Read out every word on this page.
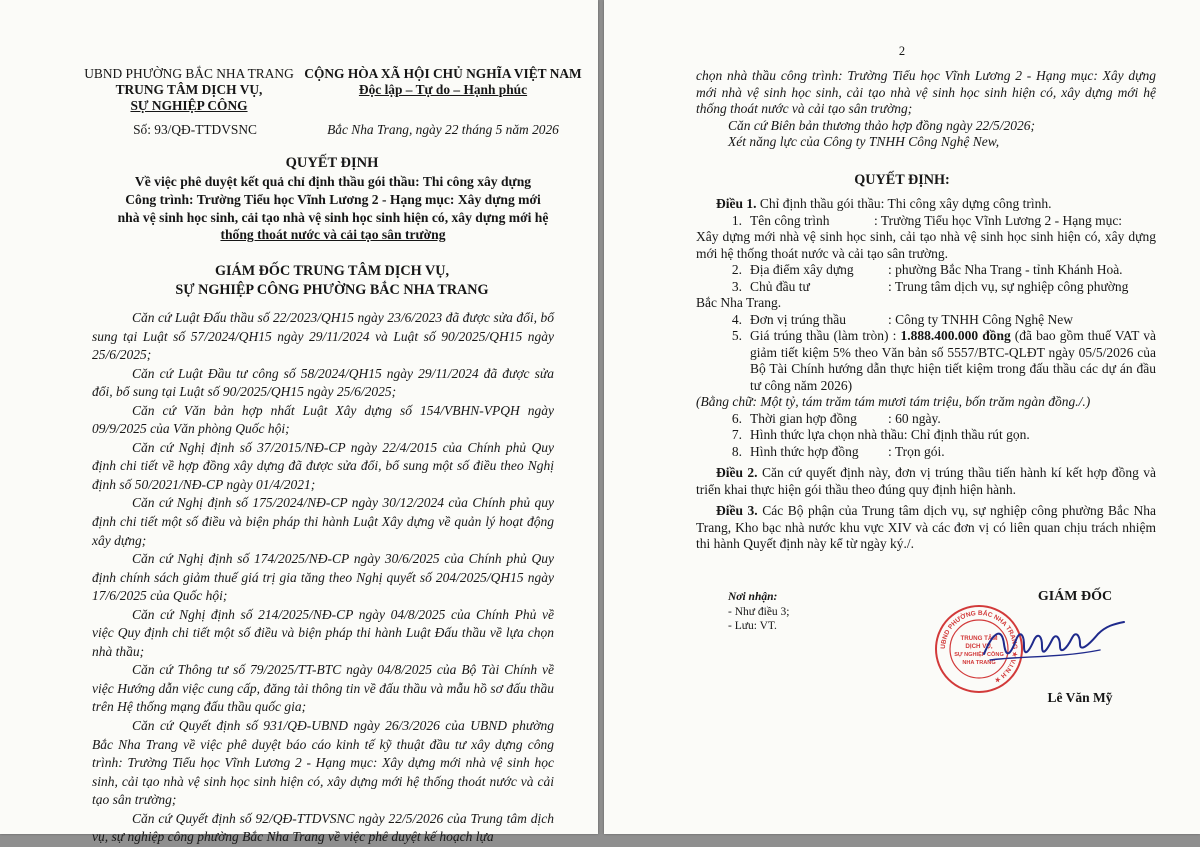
UBND PHƯỜNG BẮC NHA TRANG
TRUNG TÂM DỊCH VỤ,
SỰ NGHIỆP CÔNG
CỘNG HÒA XÃ HỘI CHỦ NGHĨA VIỆT NAM
Độc lập – Tự do – Hạnh phúc
Số: 93/QĐ-TTDVSNC	Bắc Nha Trang, ngày 22 tháng 5 năm 2026
QUYẾT ĐỊNH
Về việc phê duyệt kết quả chỉ định thầu gói thầu: Thi công xây dựng
Công trình: Trường Tiểu học Vĩnh Lương 2 - Hạng mục: Xây dựng mới
nhà vệ sinh học sinh, cải tạo nhà vệ sinh học sinh hiện có, xây dựng mới hệ
thống thoát nước và cải tạo sân trường
GIÁM ĐỐC TRUNG TÂM DỊCH VỤ,
SỰ NGHIỆP CÔNG PHƯỜNG BẮC NHA TRANG

Căn cứ Luật Đấu thầu số 22/2023/QH15 ngày 23/6/2023 đã được sửa đổi, bổ sung tại Luật số 57/2024/QH15 ngày 29/11/2024 và Luật số 90/2025/QH15 ngày 25/6/2025;

Căn cứ Luật Đầu tư công số 58/2024/QH15 ngày 29/11/2024 đã được sửa đổi, bổ sung tại Luật số 90/2025/QH15 ngày 25/6/2025;

Căn cứ Văn bản hợp nhất Luật Xây dựng số 154/VBHN-VPQH ngày 09/9/2025 của Văn phòng Quốc hội;

Căn cứ Nghị định số 37/2015/NĐ-CP ngày 22/4/2015 của Chính phủ Quy định chi tiết về hợp đồng xây dựng đã được sửa đổi, bổ sung một số điều theo Nghị định số 50/2021/NĐ-CP ngày 01/4/2021;

Căn cứ Nghị định số 175/2024/NĐ-CP ngày 30/12/2024 của Chính phủ quy định chi tiết một số điều và biện pháp thi hành Luật Xây dựng về quản lý hoạt động xây dựng;

Căn cứ Nghị định số 174/2025/NĐ-CP ngày 30/6/2025 của Chính phủ Quy định chính sách giảm thuế giá trị gia tăng theo Nghị quyết số 204/2025/QH15 ngày 17/6/2025 của Quốc hội;

Căn cứ Nghị định số 214/2025/NĐ-CP ngày 04/8/2025 của Chính Phủ về việc Quy định chi tiết một số điều và biện pháp thi hành Luật Đấu thầu về lựa chọn nhà thầu;

Căn cứ Thông tư số 79/2025/TT-BTC ngày 04/8/2025 của Bộ Tài Chính về việc Hướng dẫn việc cung cấp, đăng tải thông tin về đấu thầu và mẫu hồ sơ đấu thầu trên Hệ thống mạng đấu thầu quốc gia;

Căn cứ Quyết định số 931/QĐ-UBND ngày 26/3/2026 của UBND phường Bắc Nha Trang về việc phê duyệt báo cáo kinh tế kỹ thuật đầu tư xây dựng công trình: Trường Tiểu học Vĩnh Lương 2 - Hạng mục: Xây dựng mới nhà vệ sinh học sinh, cải tạo nhà vệ sinh học sinh hiện có, xây dựng mới hệ thống thoát nước và cải tạo sân trường;

Căn cứ Quyết định số 92/QĐ-TTDVSNC ngày 22/5/2026 của Trung tâm dịch vụ, sự nghiệp công phường Bắc Nha Trang về việc phê duyệt kế hoạch lựa

2

chọn nhà thầu công trình: Trường Tiểu học Vĩnh Lương 2 - Hạng mục: Xây dựng mới nhà vệ sinh học sinh, cải tạo nhà vệ sinh học sinh hiện có, xây dựng mới hệ thống thoát nước và cải tạo sân trường;

Căn cứ Biên bản thương thảo hợp đồng ngày 22/5/2026;

Xét năng lực của Công ty TNHH Công Nghệ New,

QUYẾT ĐỊNH:

Điều 1. Chỉ định thầu gói thầu: Thi công xây dựng công trình.

1. Tên công trình	: Trường Tiểu học Vĩnh Lương 2 - Hạng mục:

Xây dựng mới nhà vệ sinh học sinh, cải tạo nhà vệ sinh học sinh hiện có, xây dựng mới hệ thống thoát nước và cải tạo sân trường.

2. Địa điểm xây dựng	: phường Bắc Nha Trang - tỉnh Khánh Hoà.
3. Chủ đầu tư	: Trung tâm dịch vụ, sự nghiệp công phường

Bắc Nha Trang.

4. Đơn vị trúng thầu	: Công ty TNHH Công Nghệ New
5. Giá trúng thầu (làm tròn) : 1.888.400.000 đồng (đã bao gồm thuế VAT và giảm tiết kiệm 5% theo Văn bản số 5557/BTC-QLĐT ngày 05/5/2026 của Bộ Tài Chính hướng dẫn thực hiện tiết kiệm trong đấu thầu các dự án đầu tư công năm 2026)

(Bằng chữ: Một tỷ, tám trăm tám mươi tám triệu, bốn trăm ngàn đồng./.)

6. Thời gian hợp đồng	: 60 ngày.
7. Hình thức lựa chọn nhà thầu: Chỉ định thầu rút gọn.
8. Hình thức hợp đồng	: Trọn gói.

Điều 2. Căn cứ quyết định này, đơn vị trúng thầu tiến hành kí kết hợp đồng và triển khai thực hiện gói thầu theo đúng quy định hiện hành.

Điều 3. Các Bộ phận của Trung tâm dịch vụ, sự nghiệp công phường Bắc Nha Trang, Kho bạc nhà nước khu vực XIV và các đơn vị có liên quan chịu trách nhiệm thi hành Quyết định này kể từ ngày ký./.

Nơi nhận:
- Như điều 3;
- Lưu: VT.
GIÁM ĐỐC
UBND PHƯỜNG BẮC NHA TRANG ★ V.I.N.H ★
TRUNG TÂM
DỊCH VỤ,
SỰ NGHIỆP CÔNG
NHA TRANG
Lê Văn Mỹ
